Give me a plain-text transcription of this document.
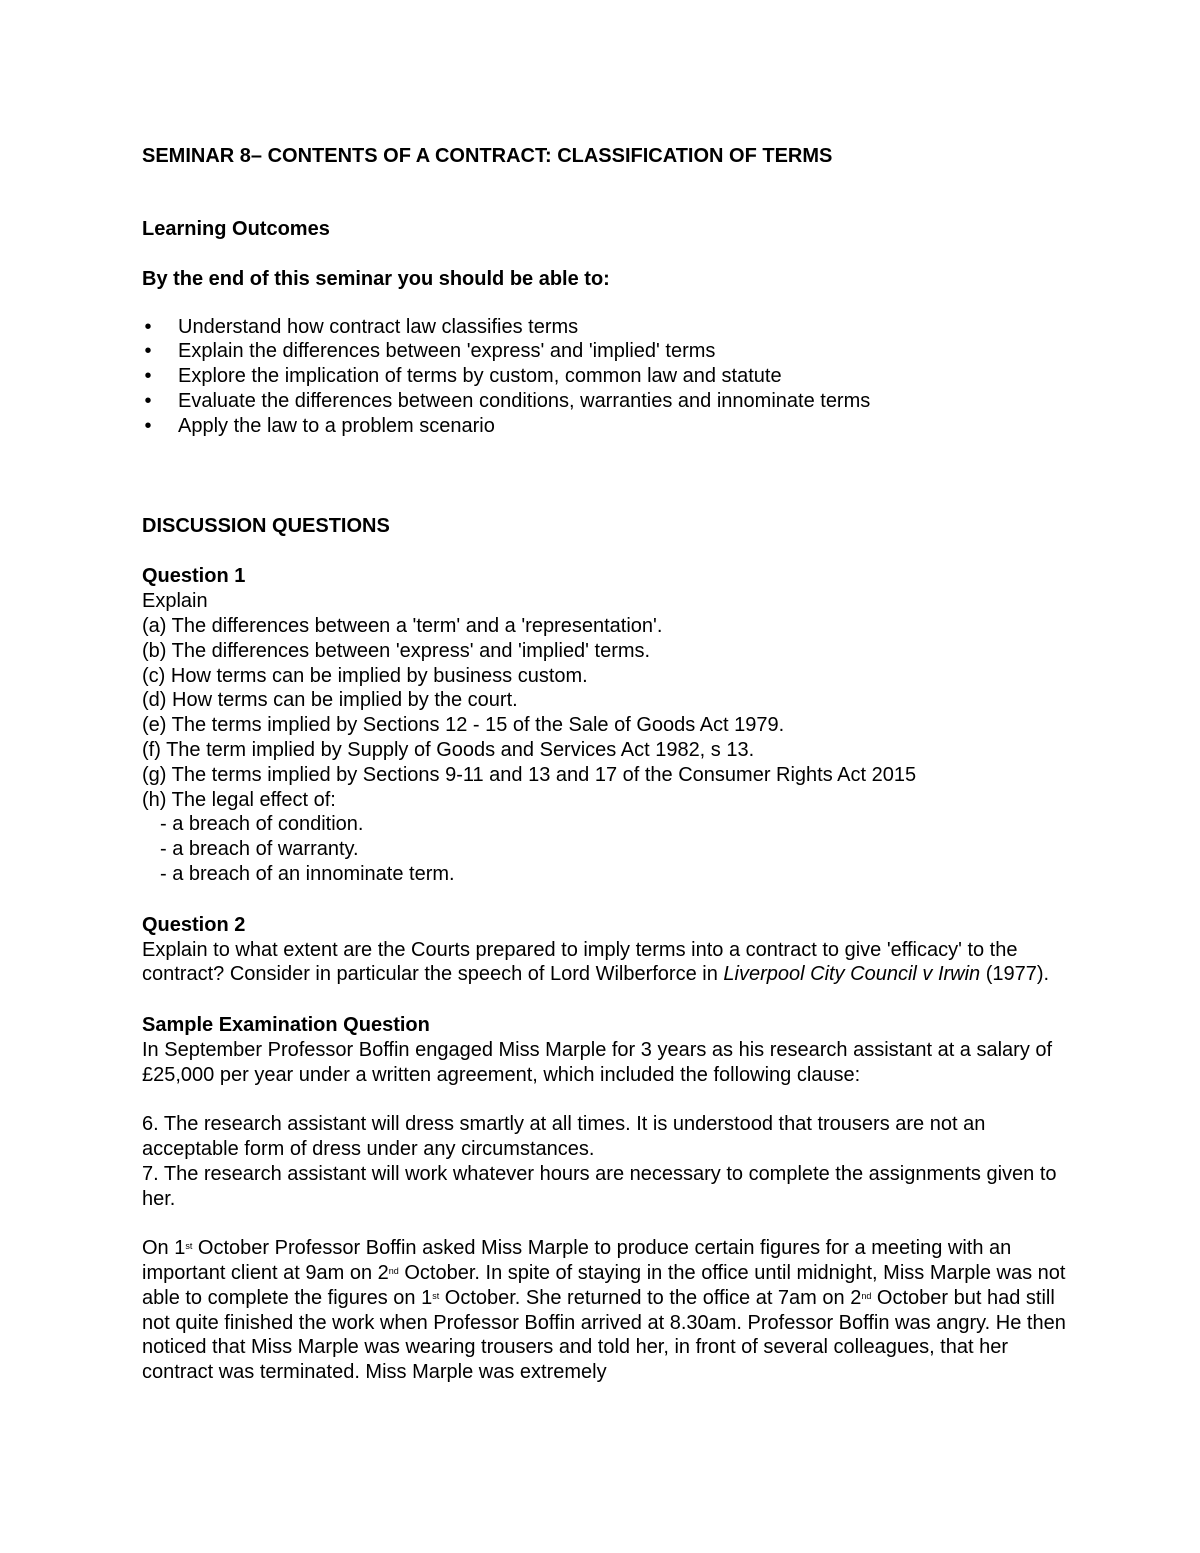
SEMINAR 8– CONTENTS OF A CONTRACT: CLASSIFICATION OF TERMS

Learning Outcomes

By the end of this seminar you should be able to:

• Understand how contract law classifies terms
• Explain the differences between 'express' and 'implied' terms
• Explore the implication of terms by custom, common law and statute
• Evaluate the differences between conditions, warranties and innominate terms
• Apply the law to a problem scenario

DISCUSSION QUESTIONS

Question 1

Explain

(a) The differences between a 'term' and a 'representation'.

(b) The differences between 'express' and 'implied' terms.

(c) How terms can be implied by business custom.

(d) How terms can be implied by the court.

(e) The terms implied by Sections 12 - 15 of the Sale of Goods Act 1979.

(f) The term implied by Supply of Goods and Services Act 1982, s 13.

(g) The terms implied by Sections 9-11 and 13 and 17 of the Consumer Rights Act 2015

(h) The legal effect of:

- a breach of condition.

- a breach of warranty.

- a breach of an innominate term.

Question 2

Explain to what extent are the Courts prepared to imply terms into a contract to give 'efficacy' to the contract? Consider in particular the speech of Lord Wilberforce in Liverpool City Council v Irwin (1977).

Sample Examination Question

In September Professor Boffin engaged Miss Marple for 3 years as his research assistant at a salary of £25,000 per year under a written agreement, which included the following clause:

6. The research assistant will dress smartly at all times. It is understood that trousers are not an acceptable form of dress under any circumstances.

7. The research assistant will work whatever hours are necessary to complete the assignments given to her.

On 1st October Professor Boffin asked Miss Marple to produce certain figures for a meeting with an important client at 9am on 2nd October. In spite of staying in the office until midnight, Miss Marple was not able to complete the figures on 1st October. She returned to the office at 7am on 2nd October but had still not quite finished the work when Professor Boffin arrived at 8.30am. Professor Boffin was angry. He then noticed that Miss Marple was wearing trousers and told her, in front of several colleagues, that her contract was terminated. Miss Marple was extremely
